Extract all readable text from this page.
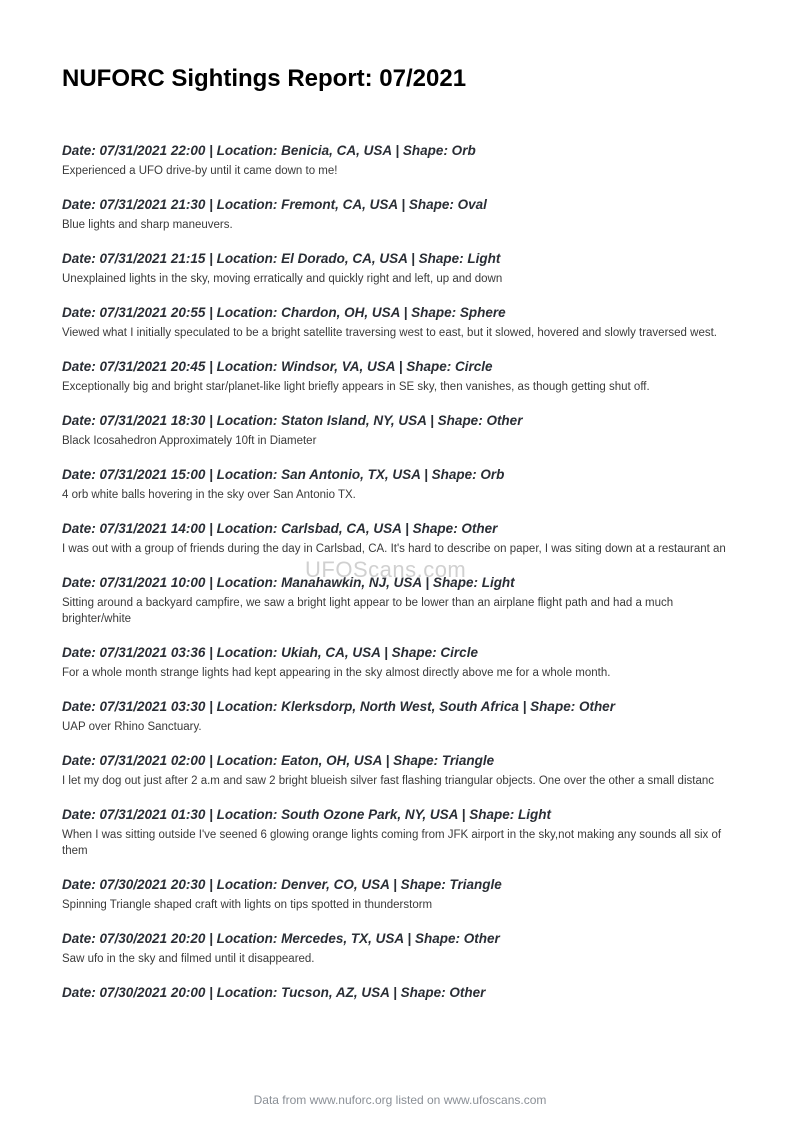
NUFORC Sightings Report: 07/2021

Date: 07/31/2021 22:00 | Location: Benicia, CA, USA | Shape: Orb

Experienced a UFO drive-by until it came down to me!

Date: 07/31/2021 21:30 | Location: Fremont, CA, USA | Shape: Oval

Blue lights and sharp maneuvers.

Date: 07/31/2021 21:15 | Location: El Dorado, CA, USA | Shape: Light

Unexplained lights in the sky, moving erratically and quickly right and left, up and down

Date: 07/31/2021 20:55 | Location: Chardon, OH, USA | Shape: Sphere

Viewed what I initially speculated to be a bright satellite traversing west to east, but it slowed, hovered and slowly traversed west.

Date: 07/31/2021 20:45 | Location: Windsor, VA, USA | Shape: Circle

Exceptionally big and bright star/planet-like light briefly appears in SE sky, then vanishes, as though getting shut off.

Date: 07/31/2021 18:30 | Location: Staton Island, NY, USA | Shape: Other

Black Icosahedron Approximately 10ft in Diameter

Date: 07/31/2021 15:00 | Location: San Antonio, TX, USA | Shape: Orb

4 orb white balls hovering in the sky over San Antonio TX.

Date: 07/31/2021 14:00 | Location: Carlsbad, CA, USA | Shape: Other

I was out with a group of friends during the day in Carlsbad, CA. It's hard to describe on paper, I was siting down at a restaurant an

Date: 07/31/2021 10:00 | Location: Manahawkin, NJ, USA | Shape: Light

Sitting around a backyard campfire, we saw a bright light appear to be lower than an airplane flight path and had a much brighter/white

Date: 07/31/2021 03:36 | Location: Ukiah, CA, USA | Shape: Circle

For a whole month strange lights had kept appearing in the sky almost directly above me for a whole month.

Date: 07/31/2021 03:30 | Location: Klerksdorp, North West, South Africa | Shape: Other

UAP over Rhino Sanctuary.

Date: 07/31/2021 02:00 | Location: Eaton, OH, USA | Shape: Triangle

I let my dog out just after 2 a.m and saw 2 bright blueish silver fast flashing triangular objects. One over the other a small distanc

Date: 07/31/2021 01:30 | Location: South Ozone Park, NY, USA | Shape: Light

When I was sitting outside I've seened 6 glowing orange lights coming from JFK airport in the sky,not making any sounds all six of them

Date: 07/30/2021 20:30 | Location: Denver, CO, USA | Shape: Triangle

Spinning Triangle shaped craft with lights on tips spotted in thunderstorm

Date: 07/30/2021 20:20 | Location: Mercedes, TX, USA | Shape: Other

Saw ufo in the sky and filmed until it disappeared.

Date: 07/30/2021 20:00 | Location: Tucson, AZ, USA | Shape: Other

UFOScans.com
Data from www.nuforc.org listed on www.ufoscans.com
